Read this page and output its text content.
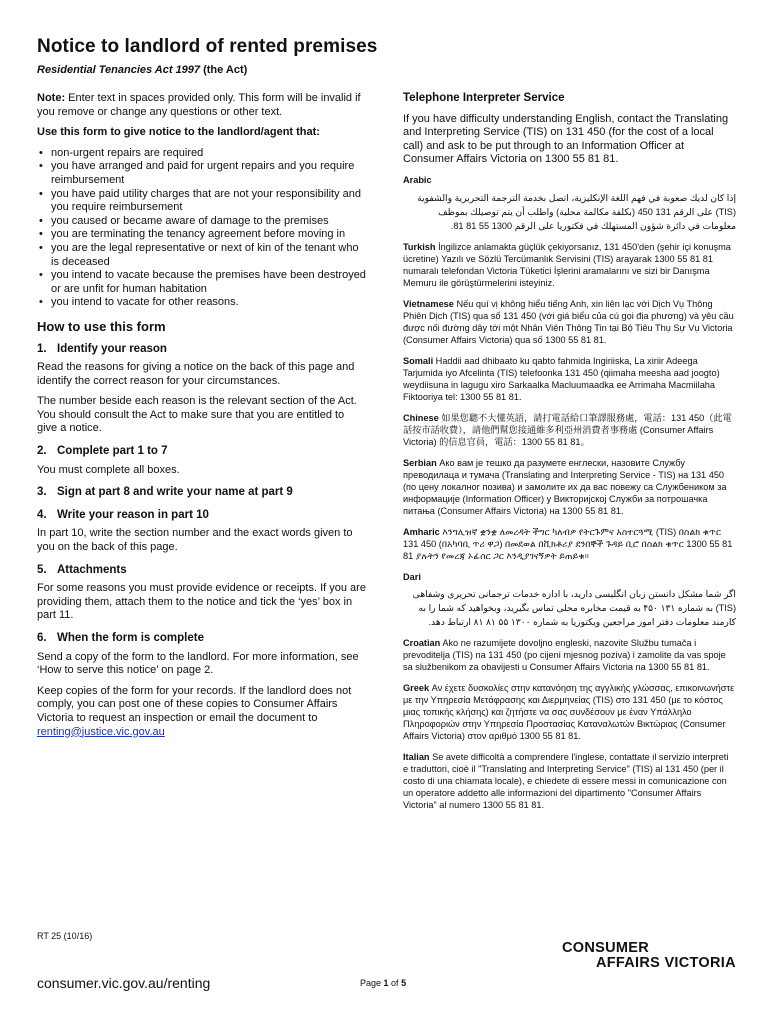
Notice to landlord of rented premises
Residential Tenancies Act 1997 (the Act)

Note: Enter text in spaces provided only. This form will be invalid if you remove or change any questions or other text.

Use this form to give notice to the landlord/agent that:

• non-urgent repairs are required
• you have arranged and paid for urgent repairs and you require reimbursement
• you have paid utility charges that are not your responsibility and you require reimbursement
• you caused or became aware of damage to the premises
• you are terminating the tenancy agreement before moving in
• you are the legal representative or next of kin of the tenant who is deceased
• you intend to vacate because the premises have been destroyed or are unfit for human habitation
• you intend to vacate for other reasons.
How to use this form
1. Identify your reason

Read the reasons for giving a notice on the back of this page and identify the correct reason for your circumstances.

The number beside each reason is the relevant section of the Act. You should consult the Act to make sure that you are entitled to give a notice.

2. Complete part 1 to 7

You must complete all boxes.

3. Sign at part 8 and write your name at part 9
4. Write your reason in part 10

In part 10, write the section number and the exact words given to you on the back of this page.

5. Attachments

For some reasons you must provide evidence or receipts. If you are providing them, attach them to the notice and tick the ‘yes’ box in part 11.

6. When the form is complete

Send a copy of the form to the landlord. For more information, see ‘How to serve this notice’ on page 2.

Keep copies of the form for your records. If the landlord does not comply, you can post one of these copies to Consumer Affairs Victoria to request an inspection or email the document to renting@justice.vic.gov.au

Telephone Interpreter Service

If you have difficulty understanding English, contact the Translating and Interpreting Service (TIS) on 131 450 (for the cost of a local call) and ask to be put through to an Information Officer at Consumer Affairs Victoria on 1300 55 81 81.

Arabic

إذا كان لديك صعوبة في فهم اللغة الإنكليزية، اتصل بخدمة الترجمة التحريرية والشفوية (TIS) على الرقم 131 450 (بكلفة مكالمة محلية) واطلب أن يتم توصيلك بموظف معلومات في دائرة شؤون المستهلك في فكتوريا على الرقم 1300 55 81 81.

Turkish İngilizce anlamakta güçlük çekiyorsanız, 131 450'den (şehir içi konuşma ücretine) Yazılı ve Sözlü Tercümanlık Servisini (TIS) arayarak 1300 55 81 81 numaralı telefondan Victoria Tüketici İşlerini aramalarını ve sizi bir Danışma Memuru ile görüştürmelerini isteyiniz.

Vietnamese Nếu quí vị không hiểu tiếng Anh, xin liên lạc với Dịch Vụ Thông Phiên Dịch (TIS) qua số 131 450 (với giá biểu của cú gọi địa phương) và yêu cầu được nối đường dây tới một Nhân Viên Thông Tin tại Bộ Tiêu Thụ Sự Vụ Victoria (Consumer Affairs Victoria) qua số 1300 55 81 81.

Somali Haddii aad dhibaato ku qabto fahmida Ingiriiska, La xiriir Adeega Tarjumida iyo Afcelinta (TIS) telefoonka 131 450 (qiimaha meesha aad joogto) weydiisuna in lagugu xiro Sarkaalka Macluumaadka ee Arrimaha Macmiilaha Fiktooriya tel: 1300 55 81 81.

Chinese 如果您聽不大懂英語，請打電話給口筆譯服務處，電話：131 450（此電話按市話收費），請他們幫您接通維多利亞州消費者事務處 (Consumer Affairs Victoria) 的信息官員，電話：1300 55 81 81。

Serbian Ако вам је тешко да разумете енглески, назовите Службу преводилаца и тумача (Translating and Interpreting Service - TIS) на 131 450 (по цену локалног позива) и замолите их да вас повежу са Службеником за информације (Information Officer) у Викторијској Служби за потрошачка питања (Consumer Affairs Victoria) на 1300 55 81 81.

Amharic እንግሊዝኛ ቋንቋ ለመረዳት ችግር ካለብዎ የትርጉምና አስተርጓሚ (TIS) በስልክ ቁጥር 131 450 (በአካባቢ ጥሪ ዋጋ) በመደወል በቪክቶሪያ ደንበኞች ጉዳይ ቢሮ በስልክ ቁጥር 1300 55 81 81 ያሉትን የመረጃ ኦፊሰር ጋር እንዲያገናኝዎት ይጠይቁ።

Dari

اگر شما مشکل دانستن زبان انگلیسی دارید، با اداره خدمات ترجمانی تحریری وشفاهی (TIS) به شماره ۱۳۱ ۴۵۰ به قیمت مخابره محلی تماس بگیرید، وبخواهید که شما را به کارمند معلومات دفتر امور مراجعین ویکتوریا به شماره ۱۳۰۰ ۵۵ ۸۱ ۸۱ ارتباط دهد.

Croatian Ako ne razumijete dovoljno engleski, nazovite Službu tumača i prevoditelja (TIS) na 131 450 (po cijeni mjesnog poziva) i zamolite da vas spoje sa službenikom za obavijesti u Consumer Affairs Victoria na 1300 55 81 81.

Greek Αν έχετε δυσκολίες στην κατανόηση της αγγλικής γλώσσας, επικοινωνήστε με την Υπηρεσία Μετάφρασης και Διερμηνείας (TIS) στο 131 450 (με το κόστος μιας τοπικής κλήσης) και ζητήστε να σας συνδέσουν με έναν Υπάλληλο Πληροφοριών στην Υπηρεσία Προστασίας Καταναλωτών Βικτώριας (Consumer Affairs Victoria) στον αριθμό 1300 55 81 81.

Italian Se avete difficoltà a comprendere l'inglese, contattate il servizio interpreti e traduttori, cioè il "Translating and Interpreting Service" (TIS) al 131 450 (per il costo di una chiamata locale), e chiedete di essere messi in comunicazione con un operatore addetto alle informazioni del dipartimento "Consumer Affairs Victoria" al numero 1300 55 81 81.

RT 25 (10/16)
consumer.vic.gov.au/renting	Page 1 of 5
CONSUMER
AFFAIRS VICTORIA
